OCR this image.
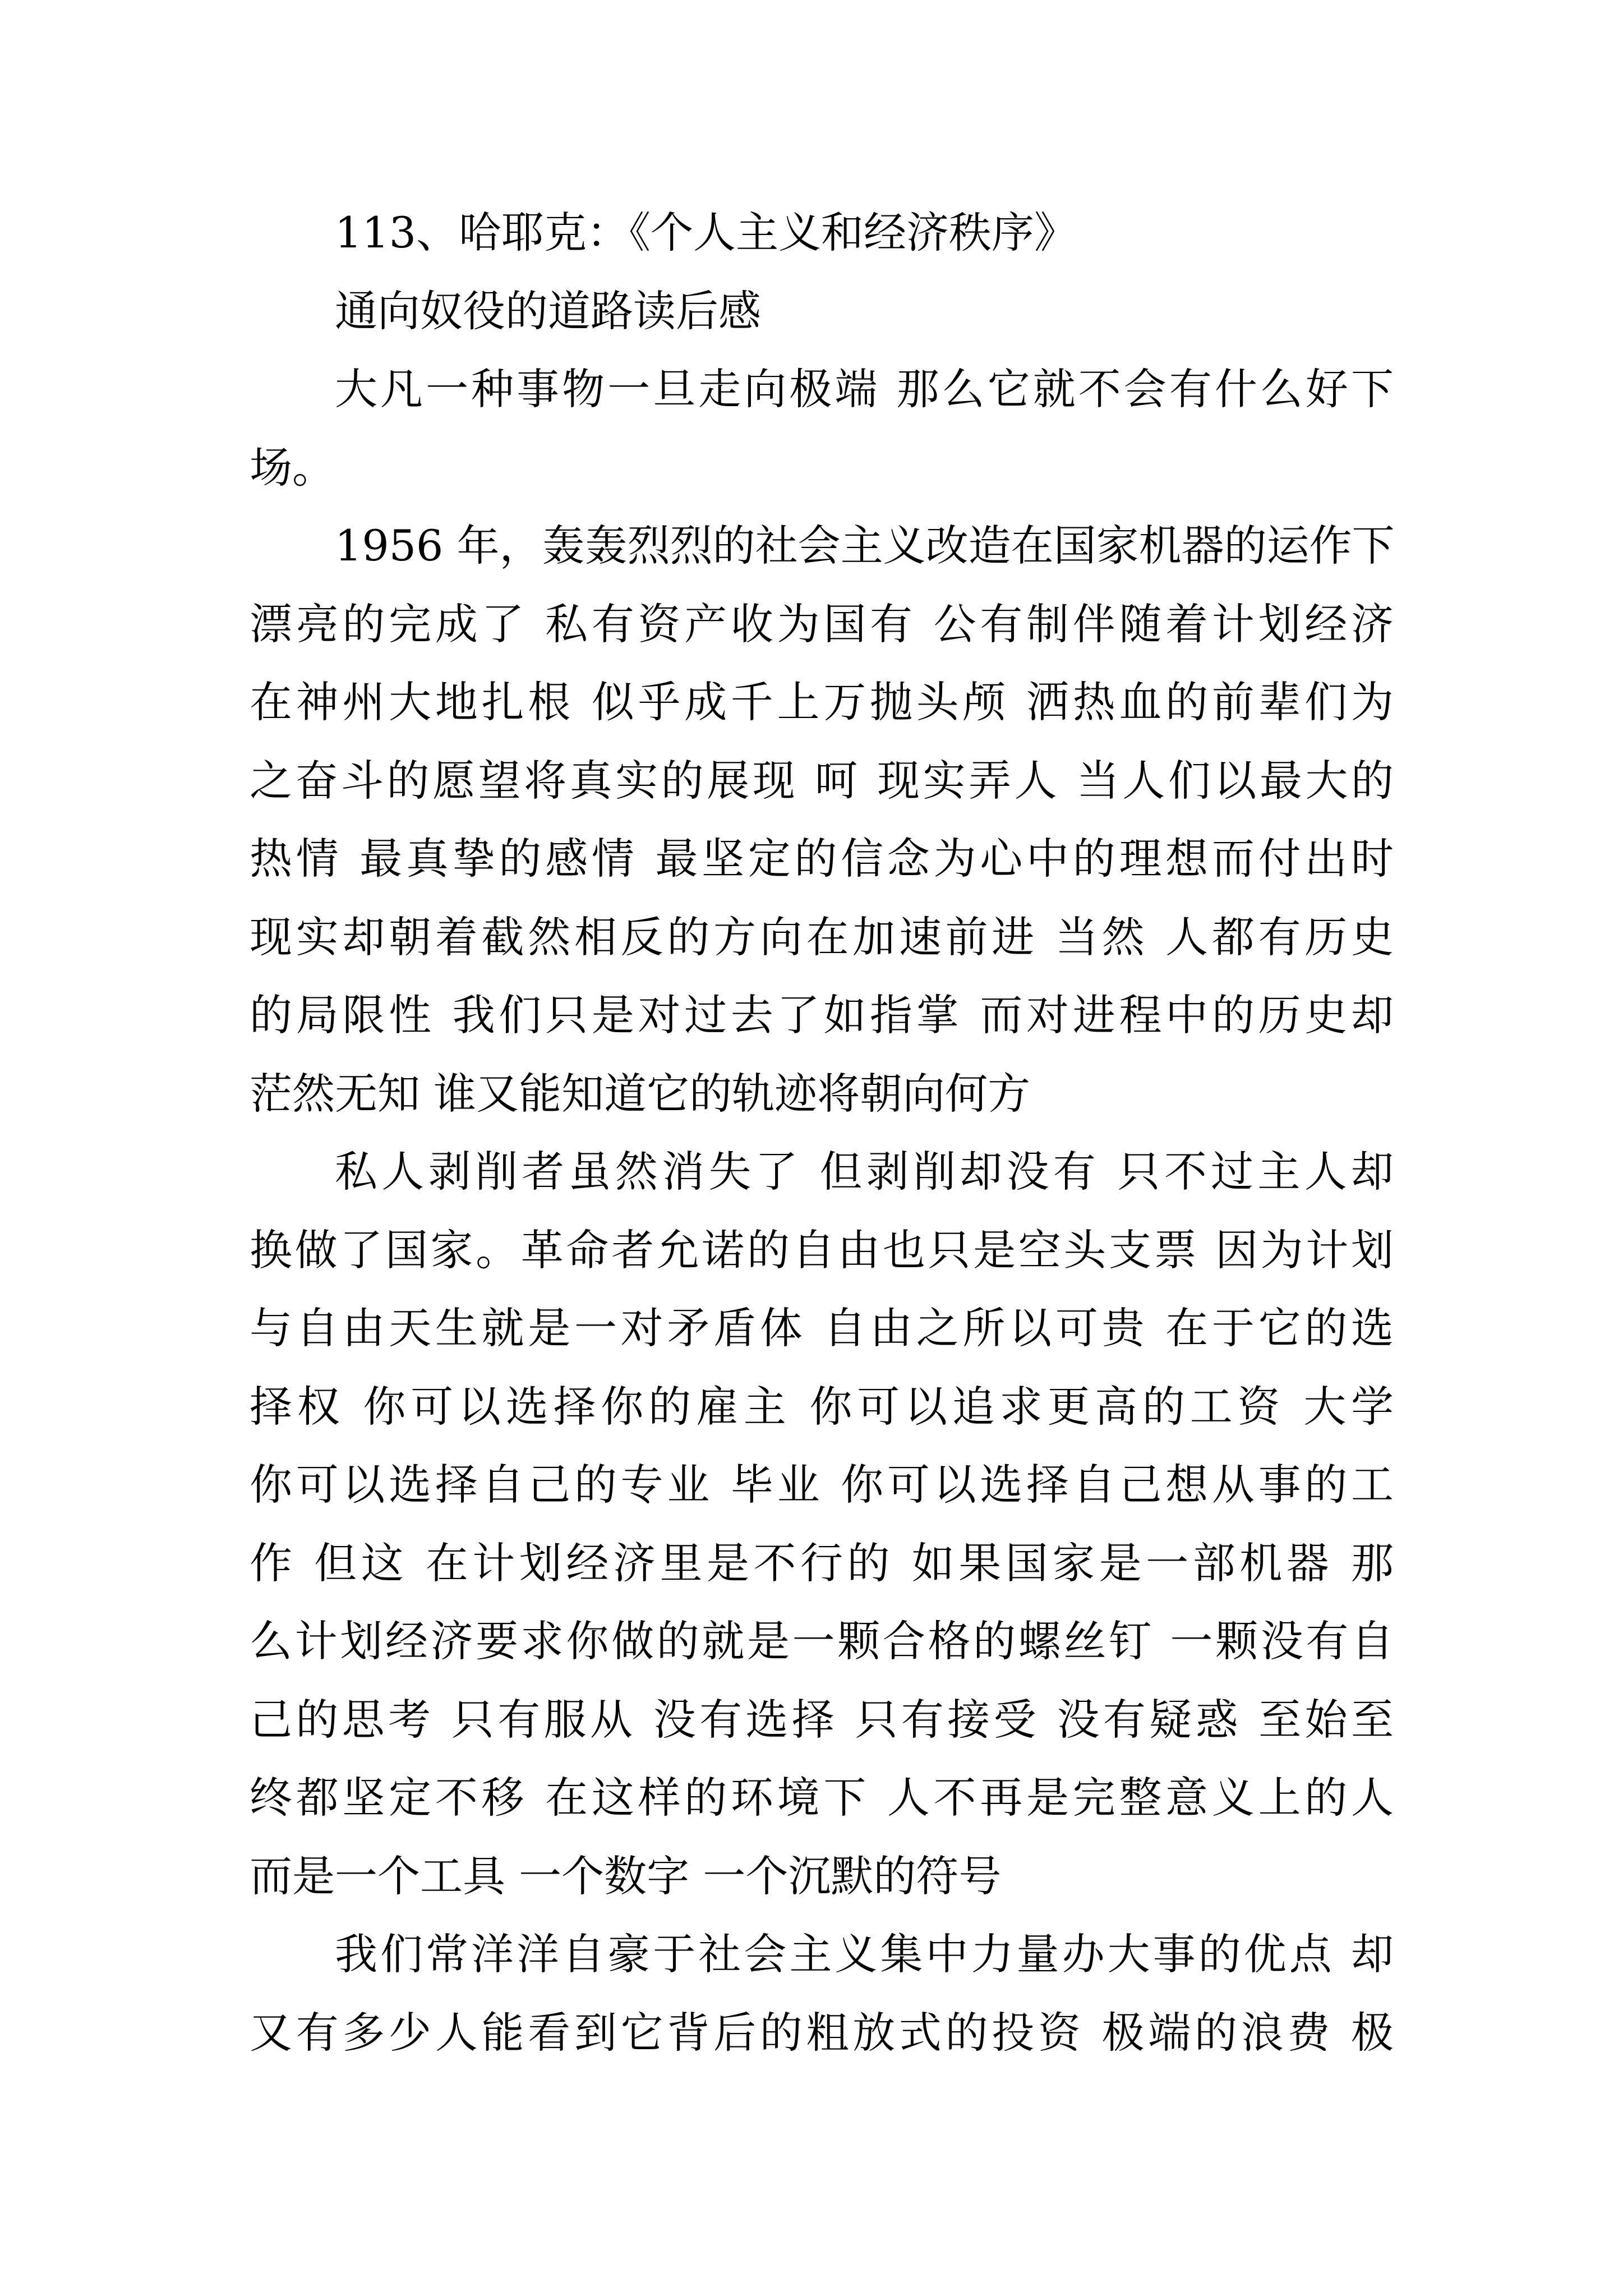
113、哈耶克：《个人主义和经济秩序》
通向奴役的道路读后感
大凡一种事物一旦走向极端 那么它就不会有什么好下
场。
1956 年，轰轰烈烈的社会主义改造在国家机器的运作下
漂亮的完成了 私有资产收为国有 公有制伴随着计划经济
在神州大地扎根 似乎成千上万抛头颅 洒热血的前辈们为
之奋斗的愿望将真实的展现 呵 现实弄人 当人们以最大的
热情 最真挚的感情 最坚定的信念为心中的理想而付出时
现实却朝着截然相反的方向在加速前进 当然 人都有历史
的局限性 我们只是对过去了如指掌 而对进程中的历史却
茫然无知 谁又能知道它的轨迹将朝向何方
私人剥削者虽然消失了 但剥削却没有 只不过主人却
换做了国家。革命者允诺的自由也只是空头支票 因为计划
与自由天生就是一对矛盾体 自由之所以可贵 在于它的选
择权 你可以选择你的雇主 你可以追求更高的工资 大学
你可以选择自己的专业 毕业 你可以选择自己想从事的工
作 但这 在计划经济里是不行的 如果国家是一部机器 那
么计划经济要求你做的就是一颗合格的螺丝钉 一颗没有自
己的思考 只有服从 没有选择 只有接受 没有疑惑 至始至
终都坚定不移 在这样的环境下 人不再是完整意义上的人
而是一个工具 一个数字 一个沉默的符号
我们常洋洋自豪于社会主义集中力量办大事的优点 却
又有多少人能看到它背后的粗放式的投资 极端的浪费 极
